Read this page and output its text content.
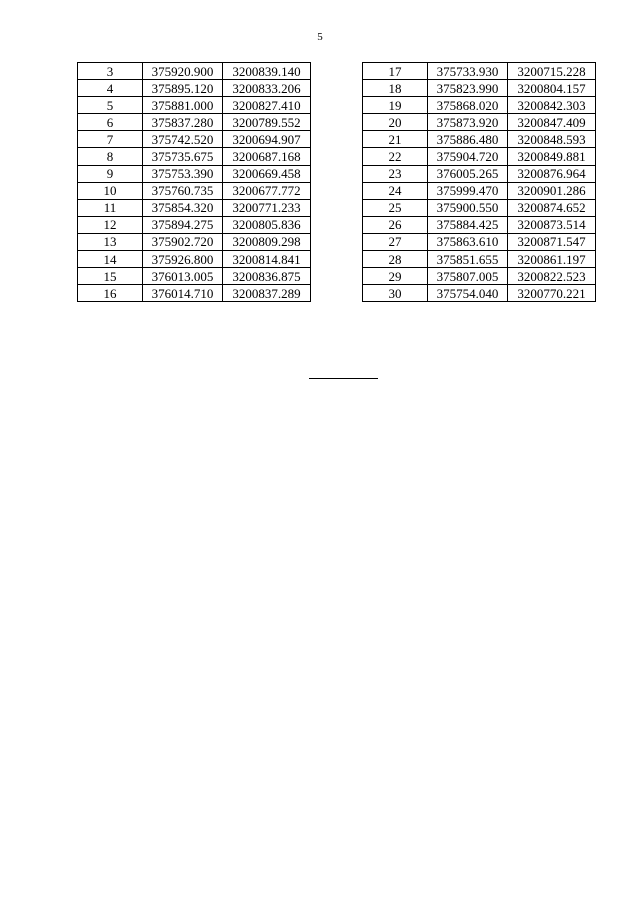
5
3	375920.900	3200839.140
4	375895.120	3200833.206
5	375881.000	3200827.410
6	375837.280	3200789.552
7	375742.520	3200694.907
8	375735.675	3200687.168
9	375753.390	3200669.458
10	375760.735	3200677.772
11	375854.320	3200771.233
12	375894.275	3200805.836
13	375902.720	3200809.298
14	375926.800	3200814.841
15	376013.005	3200836.875
16	376014.710	3200837.289
17	375733.930	3200715.228
18	375823.990	3200804.157
19	375868.020	3200842.303
20	375873.920	3200847.409
21	375886.480	3200848.593
22	375904.720	3200849.881
23	376005.265	3200876.964
24	375999.470	3200901.286
25	375900.550	3200874.652
26	375884.425	3200873.514
27	375863.610	3200871.547
28	375851.655	3200861.197
29	375807.005	3200822.523
30	375754.040	3200770.221
